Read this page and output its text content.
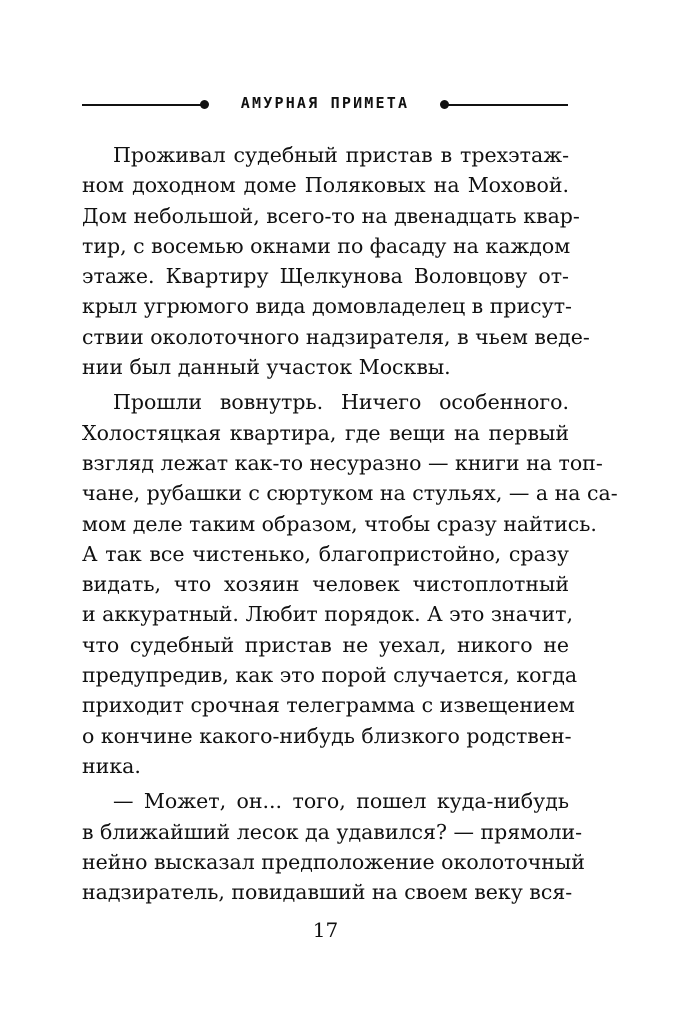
АМУРНАЯ ПРИМЕТА
Проживал судебный пристав в трехэтаж-
ном доходном доме Поляковых на Моховой.
Дом небольшой, всего-то на двенадцать квар-
тир, с восемью окнами по фасаду на каждом
этаже. Квартиру Щелкунова Воловцову от-
крыл угрюмого вида домовладелец в присут-
ствии околоточного надзирателя, в чьем веде-
нии был данный участок Москвы.
Прошли вовнутрь. Ничего особенного.
Холостяцкая квартира, где вещи на первый
взгляд лежат как-то несуразно — книги на топ-
чане, рубашки с сюртуком на стульях, — а на са-
мом деле таким образом, чтобы сразу найтись.
А так все чистенько, благопристойно, сразу
видать, что хозяин человек чистоплотный
и аккуратный. Любит порядок. А это значит,
что судебный пристав не уехал, никого не
предупредив, как это порой случается, когда
приходит срочная телеграмма с извещением
о кончине какого-нибудь близкого родствен-
ника.
— Может, он... того, пошел куда-нибудь
в ближайший лесок да удавился? — прямоли-
нейно высказал предположение околоточный
надзиратель, повидавший на своем веку вся-
17
